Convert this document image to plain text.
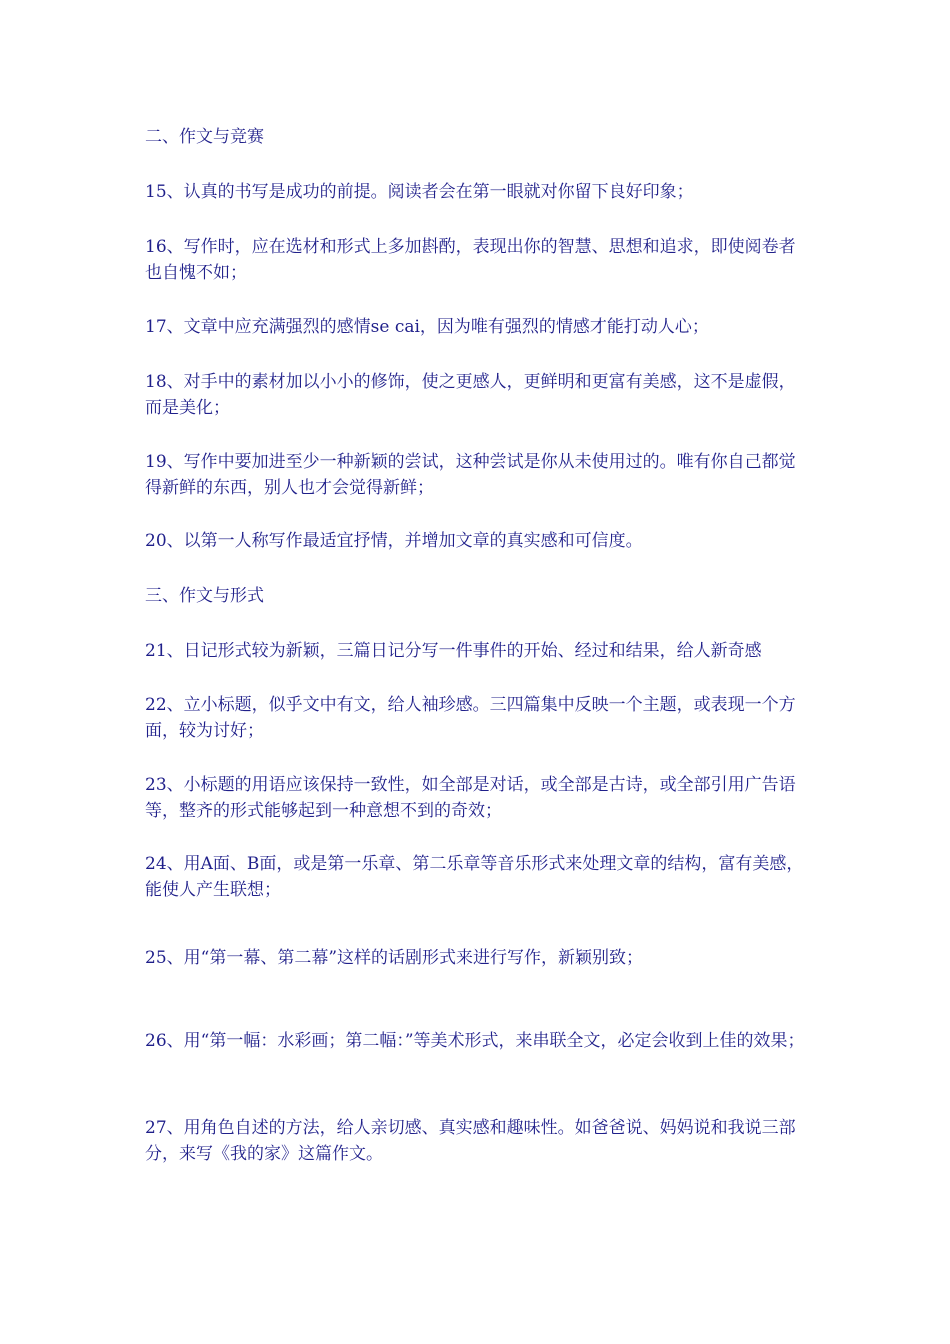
二、作文与竞赛
15、认真的书写是成功的前提。阅读者会在第一眼就对你留下良好印象；
16、写作时，应在选材和形式上多加斟酌，表现出你的智慧、思想和追求，即使阅卷者也自愧不如；
17、文章中应充满强烈的感情se cai，因为唯有强烈的情感才能打动人心；
18、对手中的素材加以小小的修饰，使之更感人，更鲜明和更富有美感，这不是虚假，而是美化；
19、写作中要加进至少一种新颖的尝试，这种尝试是你从未使用过的。唯有你自己都觉得新鲜的东西，别人也才会觉得新鲜；
20、以第一人称写作最适宜抒情，并增加文章的真实感和可信度。
三、作文与形式
21、日记形式较为新颖，三篇日记分写一件事件的开始、经过和结果，给人新奇感
22、立小标题，似乎文中有文，给人袖珍感。三四篇集中反映一个主题，或表现一个方面，较为讨好；
23、小标题的用语应该保持一致性，如全部是对话，或全部是古诗，或全部引用广告语等，整齐的形式能够起到一种意想不到的奇效；
24、用A面、B面，或是第一乐章、第二乐章等音乐形式来处理文章的结构，富有美感，能使人产生联想；
25、用“第一幕、第二幕”这样的话剧形式来进行写作，新颖别致；
26、用“第一幅：水彩画；第二幅：”等美术形式，来串联全文，必定会收到上佳的效果；
27、用角色自述的方法，给人亲切感、真实感和趣味性。如爸爸说、妈妈说和我说三部分，来写《我的家》这篇作文。
